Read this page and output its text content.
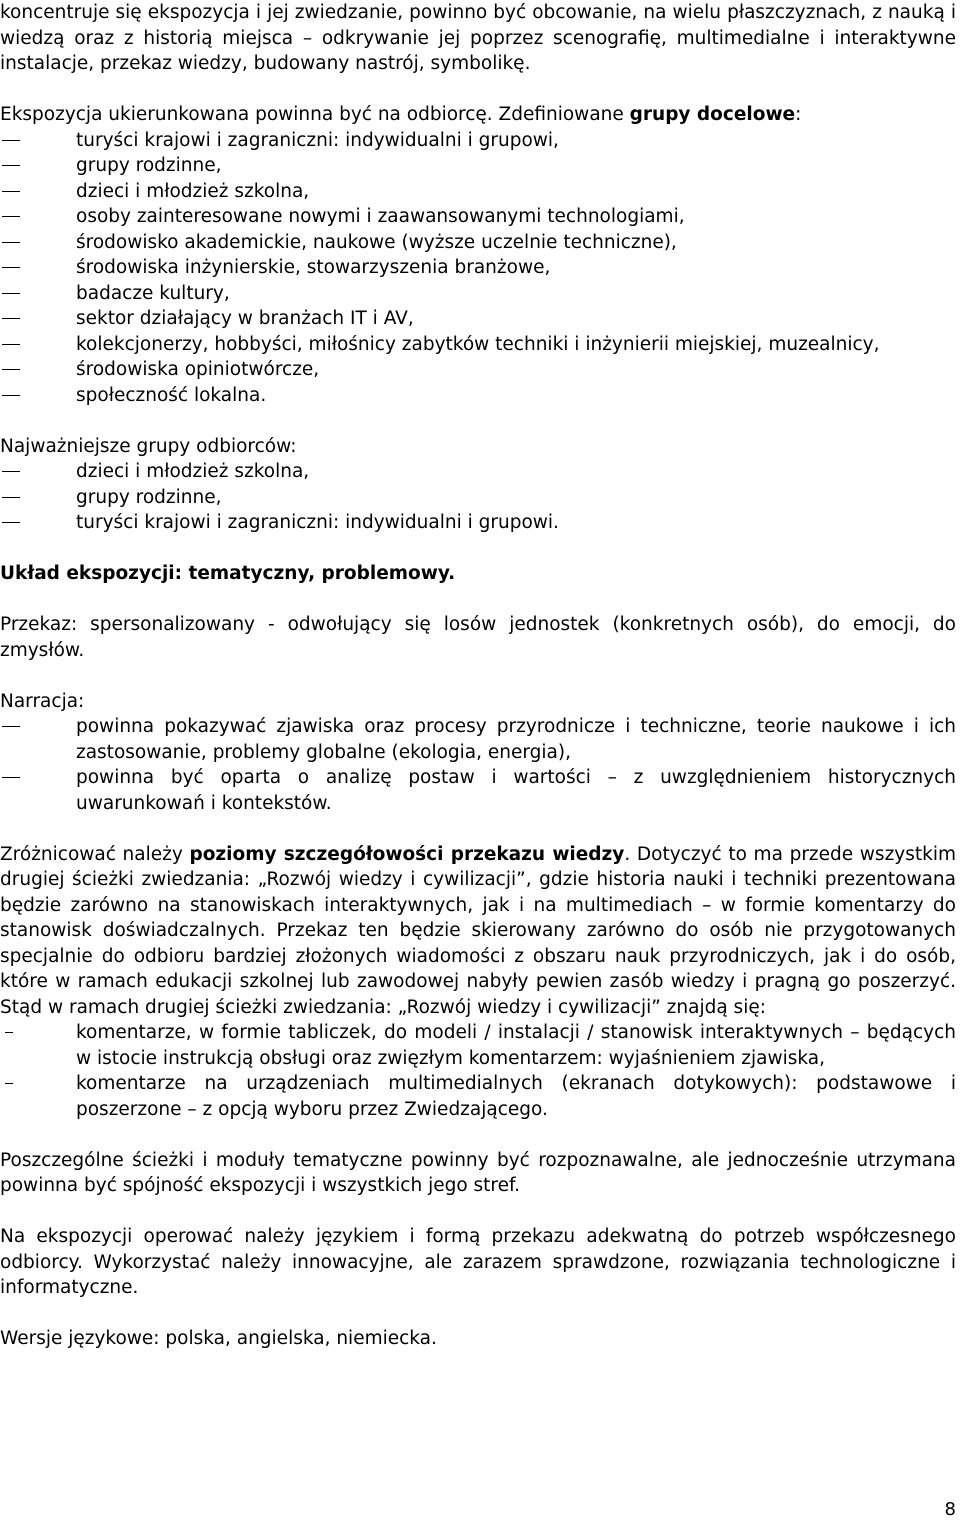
koncentruje się ekspozycja i jej zwiedzanie, powinno być obcowanie, na wielu płaszczyznach, z nauką i wiedzą oraz z historią miejsca – odkrywanie jej poprzez scenografię, multimedialne i interaktywne instalacje, przekaz wiedzy, budowany nastrój, symbolikę.

Ekspozycja ukierunkowana powinna być na odbiorcę. Zdefiniowane grupy docelowe:

turyści krajowi i zagraniczni: indywidualni i grupowi,
grupy rodzinne,
dzieci i młodzież szkolna,
osoby zainteresowane nowymi i zaawansowanymi technologiami,
środowisko akademickie, naukowe (wyższe uczelnie techniczne),
środowiska inżynierskie, stowarzyszenia branżowe,
badacze kultury,
sektor działający w branżach IT i AV,
kolekcjonerzy, hobbyści, miłośnicy zabytków techniki i inżynierii miejskiej, muzealnicy,
środowiska opiniotwórcze,
społeczność lokalna.

Najważniejsze grupy odbiorców:

dzieci i młodzież szkolna,
grupy rodzinne,
turyści krajowi i zagraniczni: indywidualni i grupowi.

Układ ekspozycji: tematyczny, problemowy.

Przekaz: spersonalizowany - odwołujący się losów jednostek (konkretnych osób), do emocji, do zmysłów.

Narracja:

powinna pokazywać zjawiska oraz procesy przyrodnicze i techniczne, teorie naukowe i ich zastosowanie, problemy globalne (ekologia, energia),
powinna być oparta o analizę postaw i wartości – z uwzględnieniem historycznych uwarunkowań i kontekstów.

Zróżnicować należy poziomy szczegółowości przekazu wiedzy. Dotyczyć to ma przede wszystkim drugiej ścieżki zwiedzania: „Rozwój wiedzy i cywilizacji”, gdzie historia nauki i techniki prezentowana będzie zarówno na stanowiskach interaktywnych, jak i na multimediach – w formie komentarzy do stanowisk doświadczalnych. Przekaz ten będzie skierowany zarówno do osób nie przygotowanych specjalnie do odbioru bardziej złożonych wiadomości z obszaru nauk przyrodniczych, jak i do osób, które w ramach edukacji szkolnej lub zawodowej nabyły pewien zasób wiedzy i pragną go poszerzyć. Stąd w ramach drugiej ścieżki zwiedzania: „Rozwój wiedzy i cywilizacji” znajdą się:

komentarze, w formie tabliczek, do modeli / instalacji / stanowisk interaktywnych – będących w istocie instrukcją obsługi oraz zwięzłym komentarzem: wyjaśnieniem zjawiska,
komentarze na urządzeniach multimedialnych (ekranach dotykowych): podstawowe i poszerzone – z opcją wyboru przez Zwiedzającego.

Poszczególne ścieżki i moduły tematyczne powinny być rozpoznawalne, ale jednocześnie utrzymana powinna być spójność ekspozycji i wszystkich jego stref.

Na ekspozycji operować należy językiem i formą przekazu adekwatną do potrzeb współczesnego odbiorcy. Wykorzystać należy innowacyjne, ale zarazem sprawdzone, rozwiązania technologiczne i informatyczne.

Wersje językowe: polska, angielska, niemiecka.

8
